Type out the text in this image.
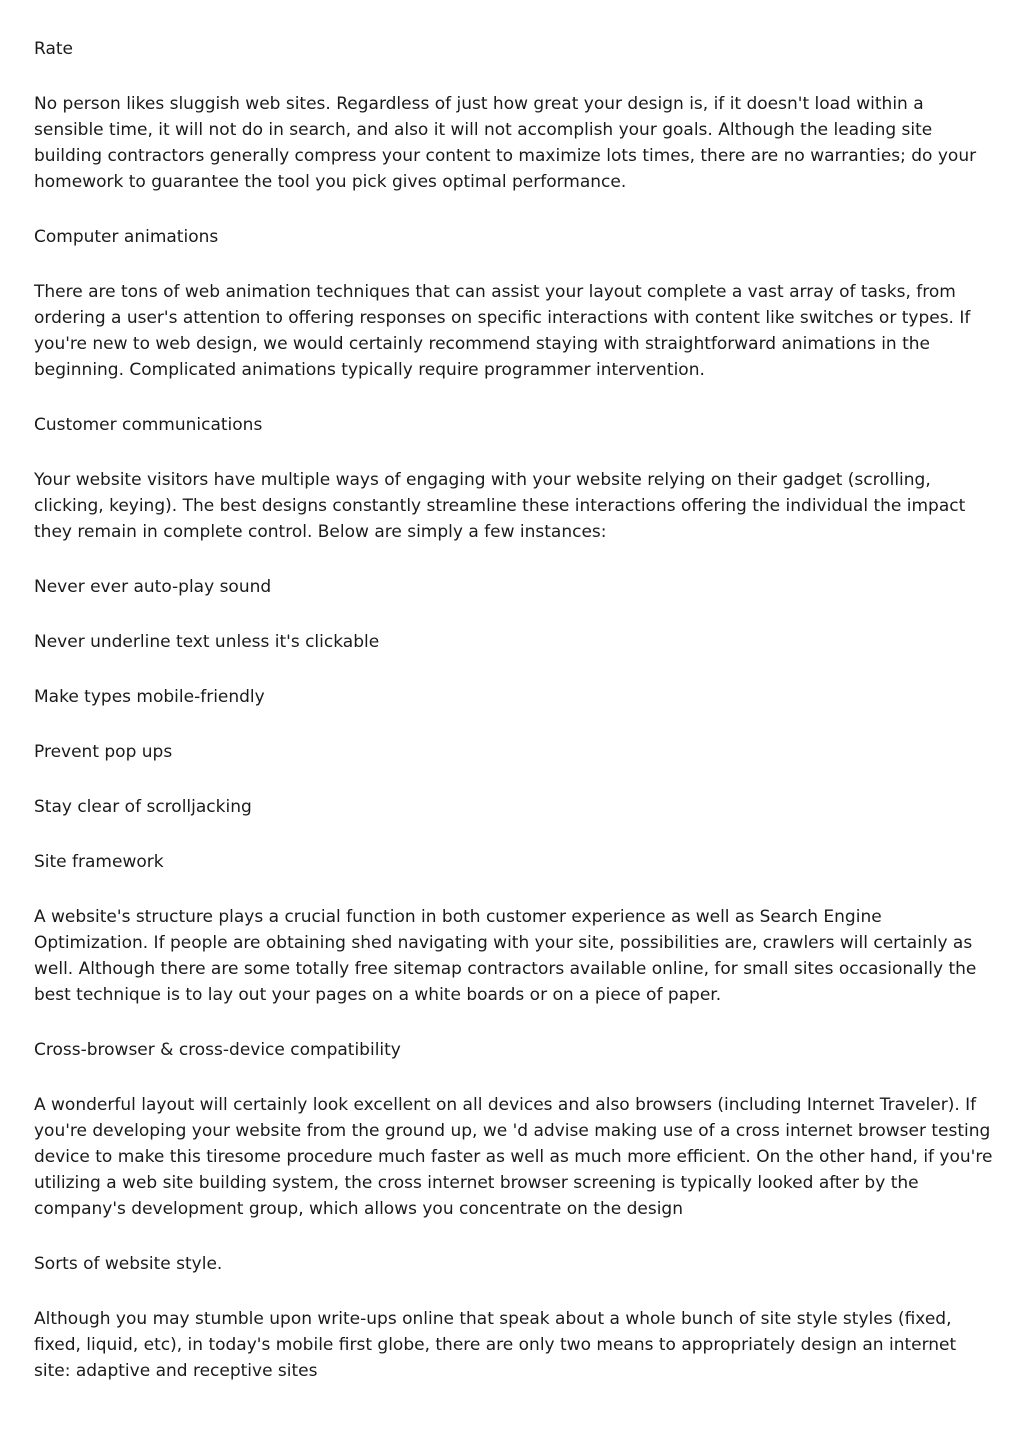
Rate

No person likes sluggish web sites. Regardless of just how great your design is, if it doesn't load within a sensible time, it will not do in search, and also it will not accomplish your goals. Although the leading site building contractors generally compress your content to maximize lots times, there are no warranties; do your homework to guarantee the tool you pick gives optimal performance.

Computer animations

There are tons of web animation techniques that can assist your layout complete a vast array of tasks, from ordering a user's attention to offering responses on specific interactions with content like switches or types. If you're new to web design, we would certainly recommend staying with straightforward animations in the beginning. Complicated animations typically require programmer intervention.

Customer communications

Your website visitors have multiple ways of engaging with your website relying on their gadget (scrolling, clicking, keying). The best designs constantly streamline these interactions offering the individual the impact they remain in complete control. Below are simply a few instances:

Never ever auto-play sound

Never underline text unless it's clickable

Make types mobile-friendly

Prevent pop ups

Stay clear of scrolljacking

Site framework

A website's structure plays a crucial function in both customer experience as well as Search Engine Optimization. If people are obtaining shed navigating with your site, possibilities are, crawlers will certainly as well. Although there are some totally free sitemap contractors available online, for small sites occasionally the best technique is to lay out your pages on a white boards or on a piece of paper.

Cross-browser & cross-device compatibility

A wonderful layout will certainly look excellent on all devices and also browsers (including Internet Traveler). If you're developing your website from the ground up, we 'd advise making use of a cross internet browser testing device to make this tiresome procedure much faster as well as much more efficient. On the other hand, if you're utilizing a web site building system, the cross internet browser screening is typically looked after by the company's development group, which allows you concentrate on the design

Sorts of website style.

Although you may stumble upon write-ups online that speak about a whole bunch of site style styles (fixed, fixed, liquid, etc), in today's mobile first globe, there are only two means to appropriately design an internet site: adaptive and receptive sites
